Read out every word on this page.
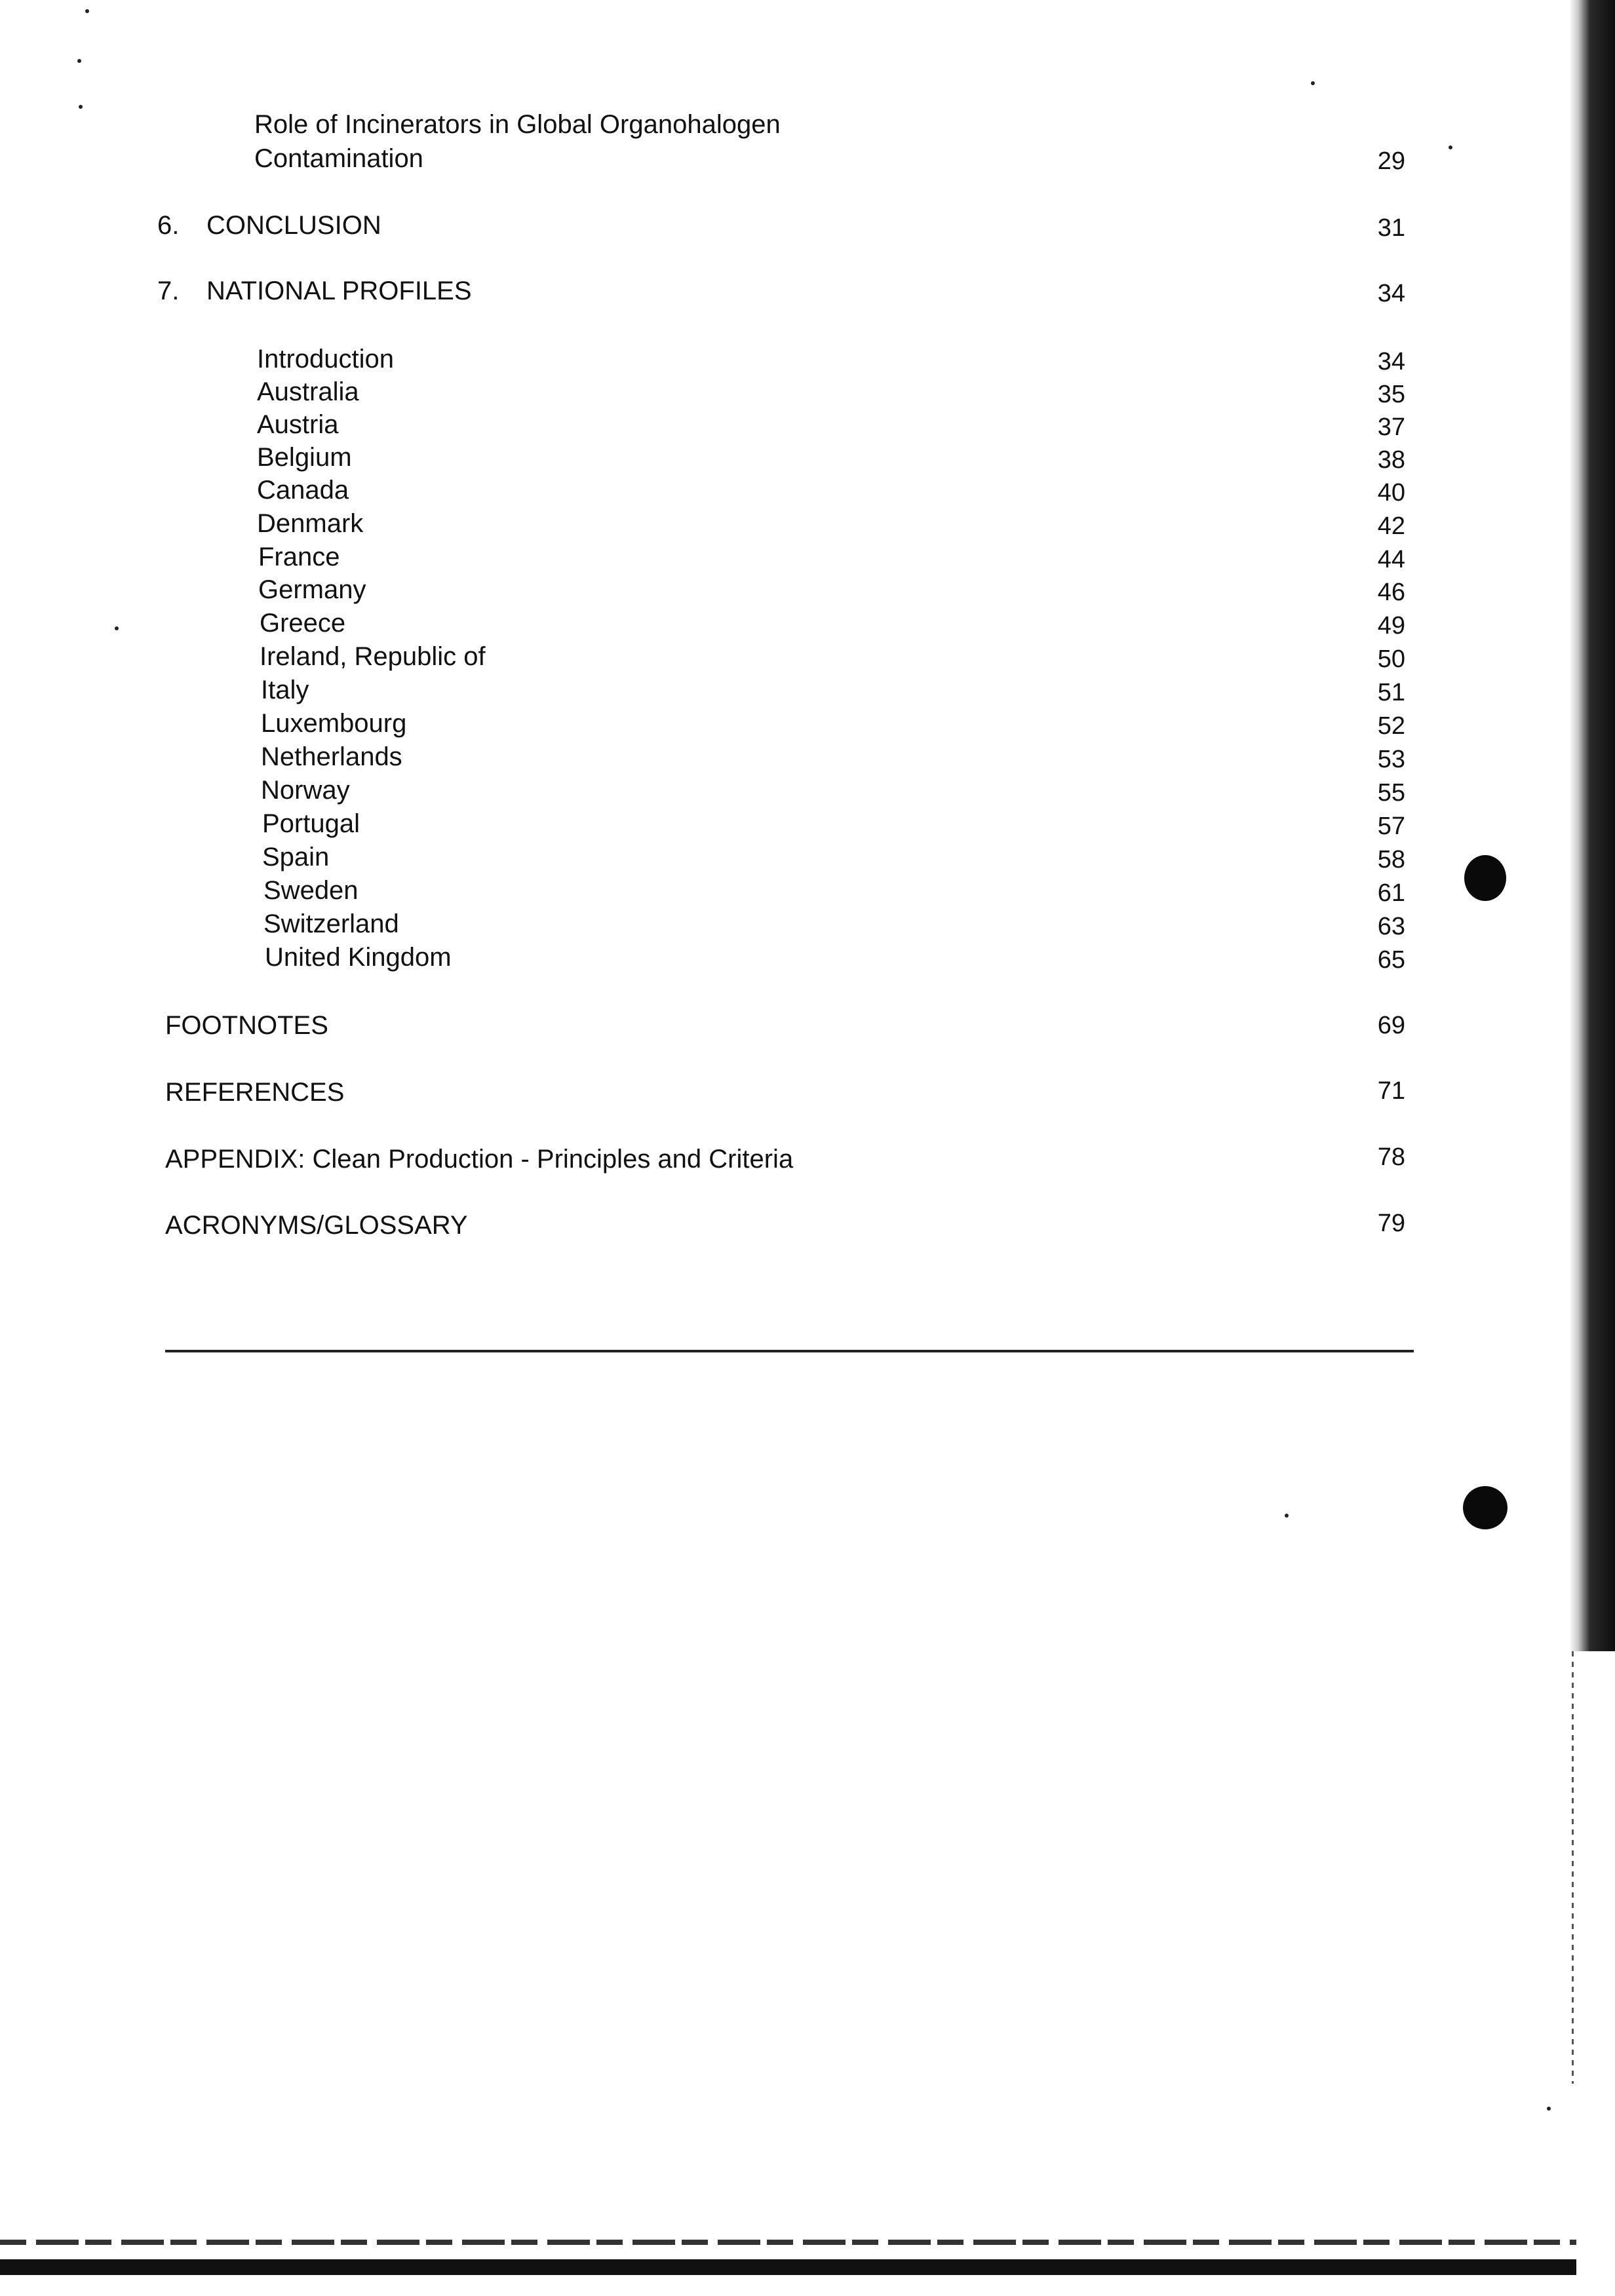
Role of Incinerators in Global Organohalogen
Contamination	29
6. CONCLUSION	31
7. NATIONAL PROFILES	34
Introduction	34
Australia	35
Austria	37
Belgium	38
Canada	40
Denmark	42
France	44
Germany	46
Greece	49
Ireland, Republic of	50
Italy	51
Luxembourg	52
Netherlands	53
Norway	55
Portugal	57
Spain	58
Sweden	61
Switzerland	63
United Kingdom	65
FOOTNOTES	69
REFERENCES	71
APPENDIX: Clean Production - Principles and Criteria	78
ACRONYMS/GLOSSARY	79
